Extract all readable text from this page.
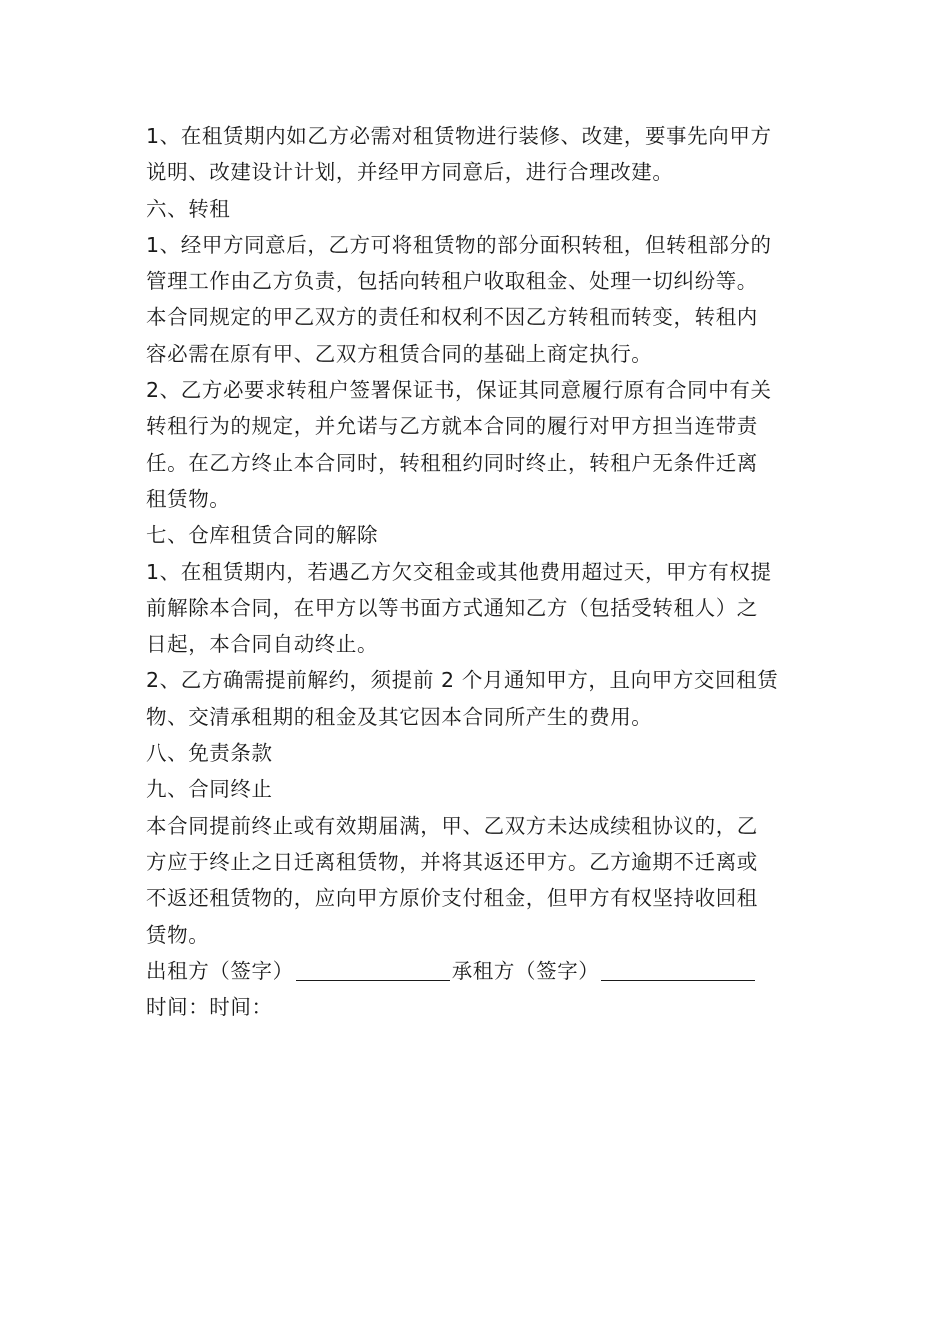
1、在租赁期内如乙方必需对租赁物进行装修、改建，要事先向甲方
说明、改建设计计划，并经甲方同意后，进行合理改建。
六、转租
1、经甲方同意后，乙方可将租赁物的部分面积转租，但转租部分的
管理工作由乙方负责，包括向转租户收取租金、处理一切纠纷等。
本合同规定的甲乙双方的责任和权利不因乙方转租而转变，转租内
容必需在原有甲、乙双方租赁合同的基础上商定执行。
2、乙方必要求转租户签署保证书，保证其同意履行原有合同中有关
转租行为的规定，并允诺与乙方就本合同的履行对甲方担当连带责
任。在乙方终止本合同时，转租租约同时终止，转租户无条件迁离
租赁物。
七、仓库租赁合同的解除
1、在租赁期内，若遇乙方欠交租金或其他费用超过天，甲方有权提
前解除本合同，在甲方以等书面方式通知乙方（包括受转租人）之
日起，本合同自动终止。
2、乙方确需提前解约，须提前 2 个月通知甲方，且向甲方交回租赁
物、交清承租期的租金及其它因本合同所产生的费用。
八、免责条款
九、合同终止
本合同提前终止或有效期届满，甲、乙双方未达成续租协议的，乙
方应于终止之日迁离租赁物，并将其返还甲方。乙方逾期不迁离或
不返还租赁物的，应向甲方原价支付租金，但甲方有权坚持收回租
赁物。
出租方（签字）	承租方（签字）
时间：时间：
